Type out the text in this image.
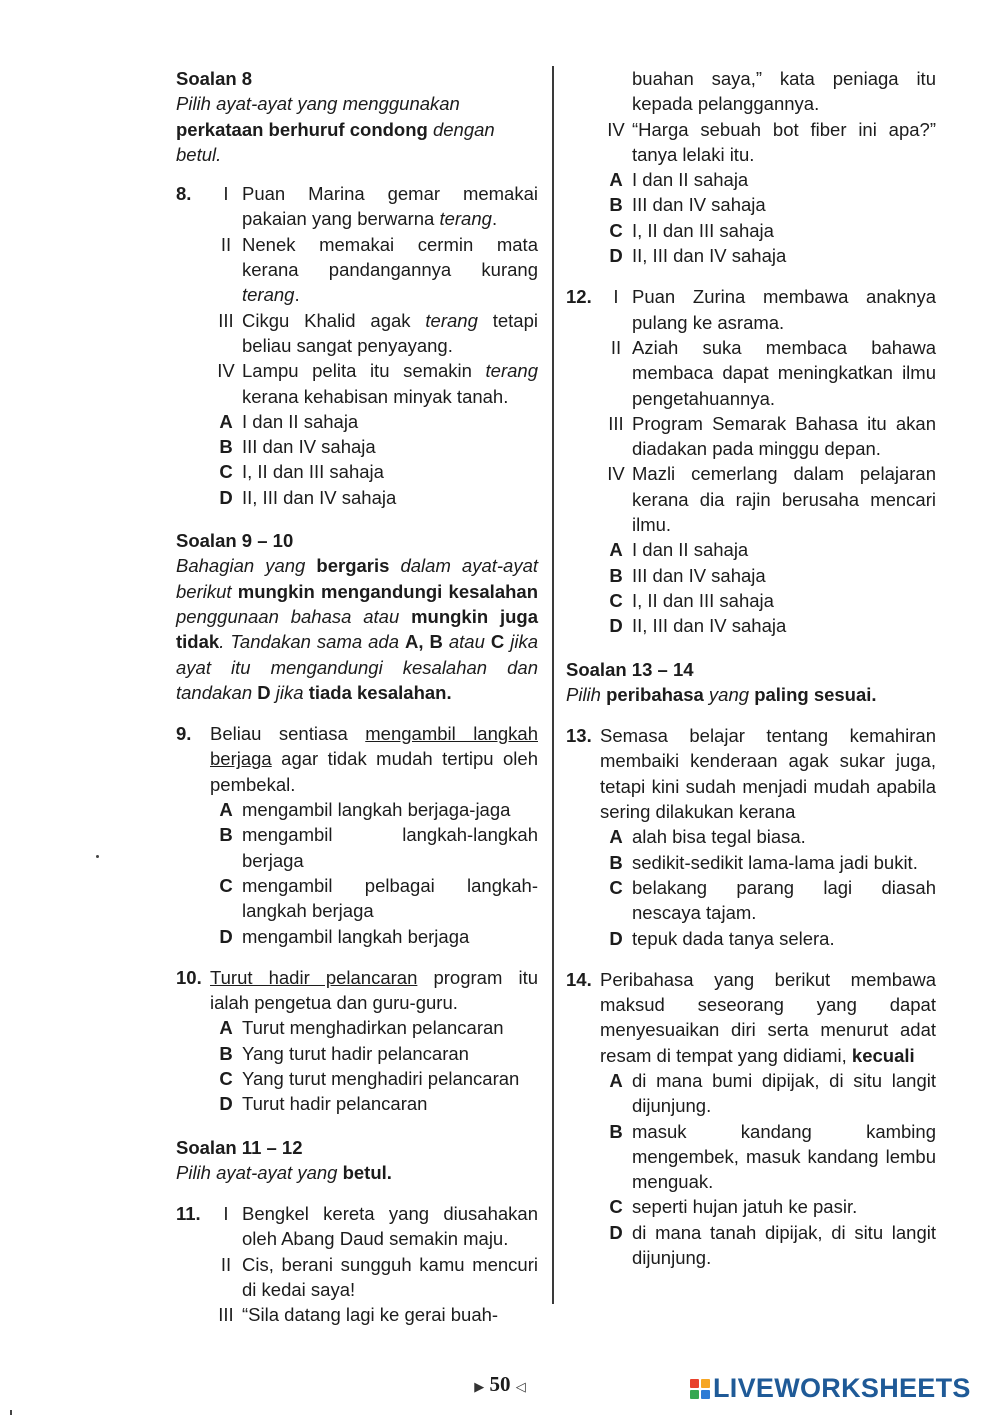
Soalan 8

Pilih ayat-ayat yang menggunakan perkataan berhuruf condong dengan betul.

8.	I Puan Marina gemar memakai pakaian yang berwarna terang.
II Nenek memakai cermin mata kerana pandangannya kurang terang.
III Cikgu Khalid agak terang tetapi beliau sangat penyayang.
IV Lampu pelita itu semakin terang kerana kehabisan minyak tanah.
A I dan II sahaja
B III dan IV sahaja
C I, II dan III sahaja
D II, III dan IV sahaja

Soalan 9 – 10

Bahagian yang bergaris dalam ayat-ayat berikut mungkin mengandungi kesalahan penggunaan bahasa atau mungkin juga tidak. Tandakan sama ada A, B atau C jika ayat itu mengandungi kesalahan dan tandakan D jika tiada kesalahan.

9.	Beliau sentiasa mengambil langkah berjaga agar tidak mudah tertipu oleh pembekal.
A mengambil langkah berjaga-jaga
B mengambil langkah-langkah berjaga
C mengambil pelbagai langkah-langkah berjaga
D mengambil langkah berjaga
10. Turut hadir pelancaran program itu ialah pengetua dan guru-guru.
A Turut menghadirkan pelancaran
B Yang turut hadir pelancaran
C Yang turut menghadiri pelancaran
D Turut hadir pelancaran

Soalan 11 – 12

Pilih ayat-ayat yang betul.

11.	I Bengkel kereta yang diusahakan oleh Abang Daud semakin maju.
II Cis, berani sungguh kamu mencuri di kedai saya!
III “Sila datang lagi ke gerai buah-
buahan saya,” kata peniaga itu kepada pelanggannya.
IV “Harga sebuah bot fiber ini apa?” tanya lelaki itu.
A I dan II sahaja
B III dan IV sahaja
C I, II dan III sahaja
D II, III dan IV sahaja
12.	I Puan Zurina membawa anaknya pulang ke asrama.
II Aziah suka membaca bahawa membaca dapat meningkatkan ilmu pengetahuannya.
III Program Semarak Bahasa itu akan diadakan pada minggu depan.
IV Mazli cemerlang dalam pelajaran kerana dia rajin berusaha mencari ilmu.
A I dan II sahaja
B III dan IV sahaja
C I, II dan III sahaja
D II, III dan IV sahaja

Soalan 13 – 14

Pilih peribahasa yang paling sesuai.

13. Semasa belajar tentang kemahiran membaiki kenderaan agak sukar juga, tetapi kini sudah menjadi mudah apabila sering dilakukan kerana
A alah bisa tegal biasa.
B sedikit-sedikit lama-lama jadi bukit.
C belakang parang lagi diasah nescaya tajam.
D tepuk dada tanya selera.
14. Peribahasa yang berikut membawa maksud seseorang yang dapat menyesuaikan diri serta menurut adat resam di tempat yang didiami, kecuali
A di mana bumi dipijak, di situ langit dijunjung.
B masuk kandang kambing mengembek, masuk kandang lembu menguak.
C seperti hujan jatuh ke pasir.
D di mana tanah dipijak, di situ langit dijunjung.
▶ 50 ◁	LIVEWORKSHEETS
